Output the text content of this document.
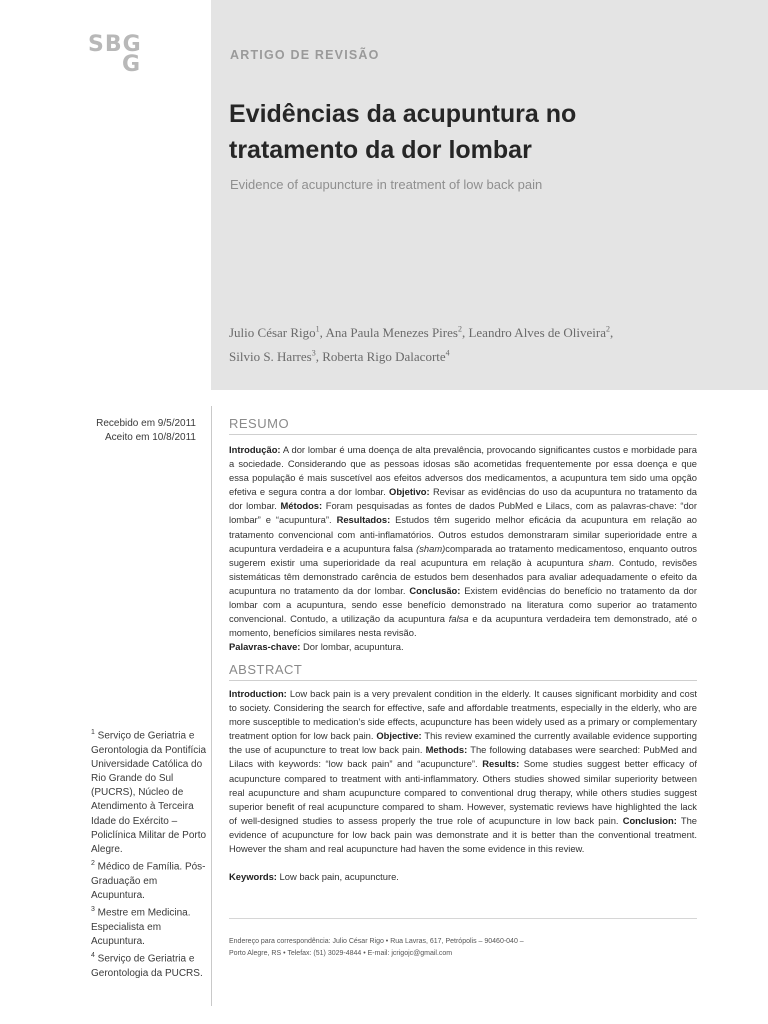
SBG
G	ARTIGO DE REVISÃO
Evidências da acupuntura no
tratamento da dor lombar
Evidence of acupuncture in treatment of low back pain
Julio César Rigo$^1$, Ana Paula Menezes Pires$^2$, Leandro Alves de Oliveira$^2$,
Silvio S. Harres$^3$, Roberta Rigo Dalacorte$^4$
Recebido em 9/5/2011
Aceito em 10/8/2011

$^1$ Serviço de Geriatria e Gerontologia da Pontifícia Universidade Católica do Rio Grande do Sul (PUCRS), Núcleo de Atendimento à Terceira Idade do Exército – Policlínica Militar de Porto Alegre.

$^2$ Médico de Família. Pós-Graduação em Acupuntura.

$^3$ Mestre em Medicina. Especialista em Acupuntura.

$^4$ Serviço de Geriatria e Gerontologia da PUCRS.

RESUMO

Introdução: A dor lombar é uma doença de alta prevalência, provocando significantes custos e morbidade para a sociedade. Considerando que as pessoas idosas são acometidas frequentemente por essa doença e que essa população é mais suscetível aos efeitos adversos dos medicamentos, a acupuntura tem sido uma opção efetiva e segura contra a dor lombar. Objetivo: Revisar as evidências do uso da acupuntura no tratamento da dor lombar. Métodos: Foram pesquisadas as fontes de dados PubMed e Lilacs, com as palavras-chave: “dor lombar” e “acupuntura”. Resultados: Estudos têm sugerido melhor eficácia da acupuntura em relação ao tratamento convencional com anti-inflamatórios. Outros estudos demonstraram similar superioridade entre a acupuntura verdadeira e a acupuntura falsa (sham)comparada ao tratamento medicamentoso, enquanto outros sugerem existir uma superioridade da real acupuntura em relação à acupuntura sham. Contudo, revisões sistemáticas têm demonstrado carência de estudos bem desenhados para avaliar adequadamente o efeito da acupuntura no tratamento da dor lombar. Conclusão: Existem evidências do benefício no tratamento da dor lombar com a acupuntura, sendo esse benefício demonstrado na literatura como superior ao tratamento convencional. Contudo, a utilização da acupuntura falsa e da acupuntura verdadeira tem demonstrado, até o momento, benefícios similares nesta revisão.

Palavras-chave: Dor lombar, acupuntura.

ABSTRACT

Introduction: Low back pain is a very prevalent condition in the elderly. It causes significant morbidity and cost to society. Considering the search for effective, safe and affordable treatments, especially in the elderly, who are more susceptible to medication’s side effects, acupuncture has been widely used as a primary or complementary treatment option for low back pain. Objective: This review examined the currently available evidence supporting the use of acupuncture to treat low back pain. Methods: The following databases were searched: PubMed and Lilacs with keywords: “low back pain” and “acupuncture”. Results: Some studies suggest better efficacy of acupuncture compared to treatment with anti-inflammatory. Others studies showed similar superiority between real acupuncture and sham acupuncture compared to conventional drug therapy, while others studies suggest superior benefit of real acupuncture compared to sham. However, systematic reviews have highlighted the lack of well-designed studies to assess properly the true role of acupuncture in low back pain. Conclusion: The evidence of acupuncture for low back pain was demonstrate and it is better than the conventional treatment. However the sham and real acupuncture had haven the some evidence in this review.

Keywords: Low back pain, acupuncture.

Endereço para correspondência: Julio César Rigo • Rua Lavras, 617, Petrópolis – 90460-040 –
Porto Alegre, RS • Telefax: (51) 3029-4844 • E-mail: jcrigojc@gmail.com
